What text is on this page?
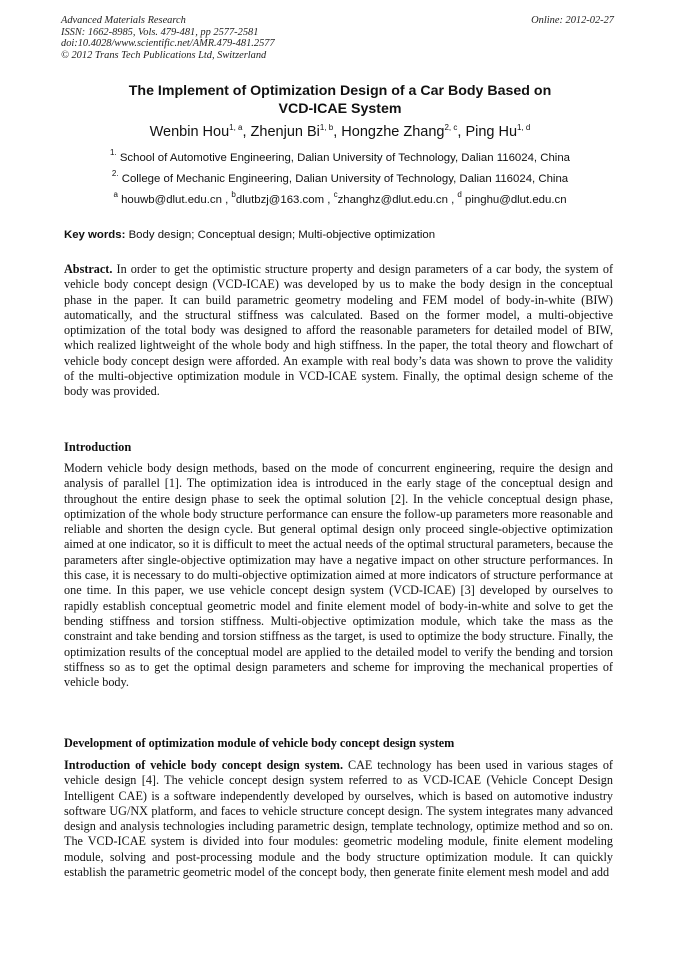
Advanced Materials Research
ISSN: 1662-8985, Vols. 479-481, pp 2577-2581
doi:10.4028/www.scientific.net/AMR.479-481.2577
© 2012 Trans Tech Publications Ltd, Switzerland
Online: 2012-02-27
The Implement of Optimization Design of a Car Body Based on
VCD-ICAE System
Wenbin Hou$^{1, a}$, Zhenjun Bi$^{1, b}$, Hongzhe Zhang$^{2, c}$, Ping Hu$^{1, d}$
$^{1.}$ School of Automotive Engineering, Dalian University of Technology, Dalian 116024, China
$^{2.}$ College of Mechanic Engineering, Dalian University of Technology, Dalian 116024, China
$^a$ houwb@dlut.edu.cn , $^b$dlutbzj@163.com , $^c$zhanghz@dlut.edu.cn , $^d$ pinghu@dlut.edu.cn
Key words: Body design; Conceptual design; Multi-objective optimization
Abstract. In order to get the optimistic structure property and design parameters of a car body, the system of vehicle body concept design (VCD-ICAE) was developed by us to make the body design in the conceptual phase in the paper. It can build parametric geometry modeling and FEM model of body-in-white (BIW) automatically, and the structural stiffness was calculated. Based on the former model, a multi-objective optimization of the total body was designed to afford the reasonable parameters for detailed model of BIW, which realized lightweight of the whole body and high stiffness. In the paper, the total theory and flowchart of vehicle body concept design were afforded. An example with real body’s data was shown to prove the validity of the multi-objective optimization module in VCD-ICAE system. Finally, the optimal design scheme of the body was provided.
Introduction
Modern vehicle body design methods, based on the mode of concurrent engineering, require the design and analysis of parallel [1]. The optimization idea is introduced in the early stage of the conceptual design and throughout the entire design phase to seek the optimal solution [2]. In the vehicle conceptual design phase, optimization of the whole body structure performance can ensure the follow-up parameters more reasonable and reliable and shorten the design cycle. But general optimal design only proceed single-objective optimization aimed at one indicator, so it is difficult to meet the actual needs of the optimal structural parameters, because the parameters after single-objective optimization may have a negative impact on other structure performances. In this case, it is necessary to do multi-objective optimization aimed at more indicators of structure performance at one time. In this paper, we use vehicle concept design system (VCD-ICAE) [3] developed by ourselves to rapidly establish conceptual geometric model and finite element model of body-in-white and solve to get the bending stiffness and torsion stiffness. Multi-objective optimization module, which take the mass as the constraint and take bending and torsion stiffness as the target, is used to optimize the body structure. Finally, the optimization results of the conceptual model are applied to the detailed model to verify the bending and torsion stiffness so as to get the optimal design parameters and scheme for improving the mechanical properties of vehicle body.
Development of optimization module of vehicle body concept design system
Introduction of vehicle body concept design system. CAE technology has been used in various stages of vehicle design [4]. The vehicle concept design system referred to as VCD-ICAE (Vehicle Concept Design Intelligent CAE) is a software independently developed by ourselves, which is based on automotive industry software UG/NX platform, and faces to vehicle structure concept design. The system integrates many advanced design and analysis technologies including parametric design, template technology, optimize method and so on. The VCD-ICAE system is divided into four modules: geometric modeling module, finite element modeling module, solving and post-processing module and the body structure optimization module. It can quickly establish the parametric geometric model of the concept body, then generate finite element mesh model and add
